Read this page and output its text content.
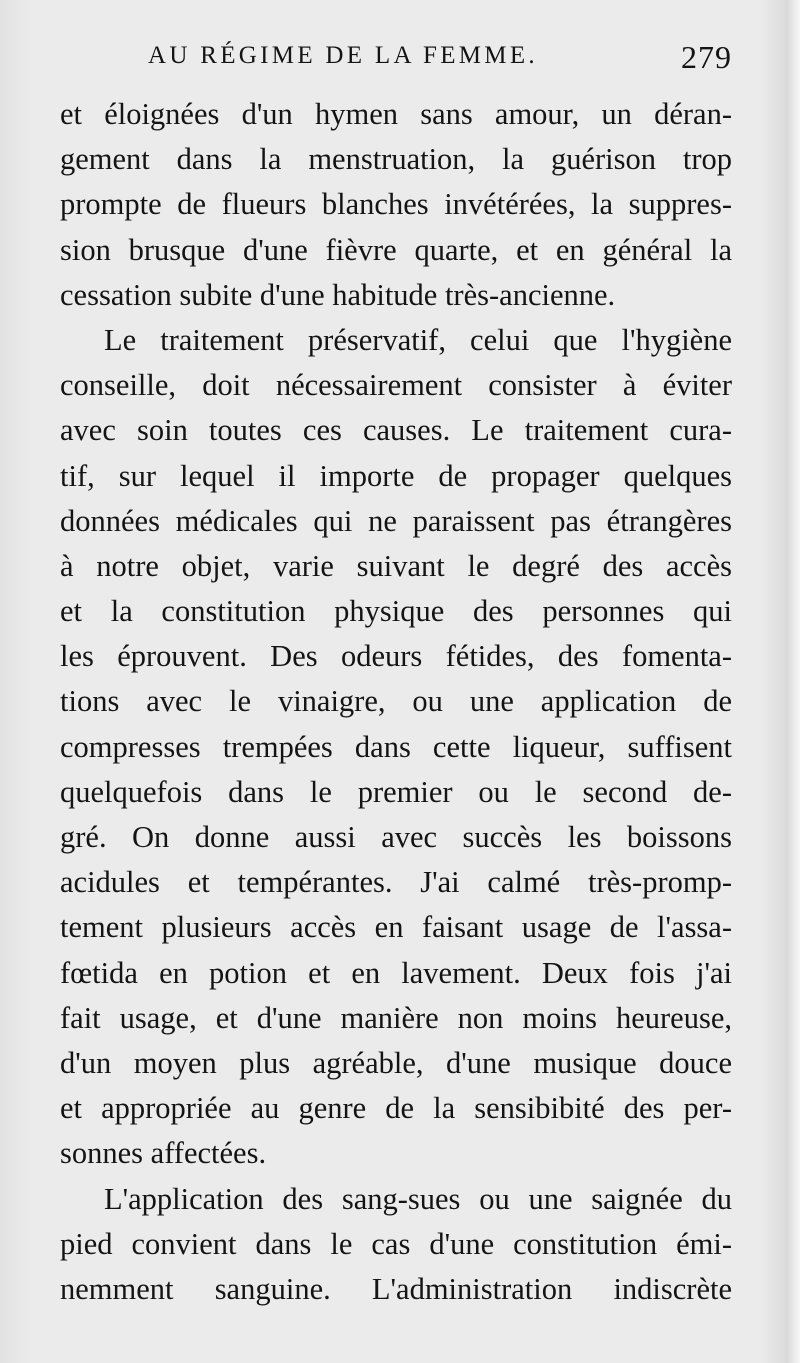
AU RÉGIME DE LA FEMME.	279
et éloignées d'un hymen sans amour, un déran-
gement dans la menstruation, la guérison trop
prompte de flueurs blanches invétérées, la suppres-
sion brusque d'une fièvre quarte, et en général la
cessation subite d'une habitude très-ancienne.
Le traitement préservatif, celui que l'hygiène
conseille, doit nécessairement consister à éviter
avec soin toutes ces causes. Le traitement cura-
tif, sur lequel il importe de propager quelques
données médicales qui ne paraissent pas étrangères
à notre objet, varie suivant le degré des accès
et la constitution physique des personnes qui
les éprouvent. Des odeurs fétides, des fomenta-
tions avec le vinaigre, ou une application de
compresses trempées dans cette liqueur, suffisent
quelquefois dans le premier ou le second de-
gré. On donne aussi avec succès les boissons
acidules et tempérantes. J'ai calmé très-promp-
tement plusieurs accès en faisant usage de l'assa-
fœtida en potion et en lavement. Deux fois j'ai
fait usage, et d'une manière non moins heureuse,
d'un moyen plus agréable, d'une musique douce
et appropriée au genre de la sensibibité des per-
sonnes affectées.
L'application des sang-sues ou une saignée du
pied convient dans le cas d'une constitution émi-
nemment sanguine. L'administration indiscrète
